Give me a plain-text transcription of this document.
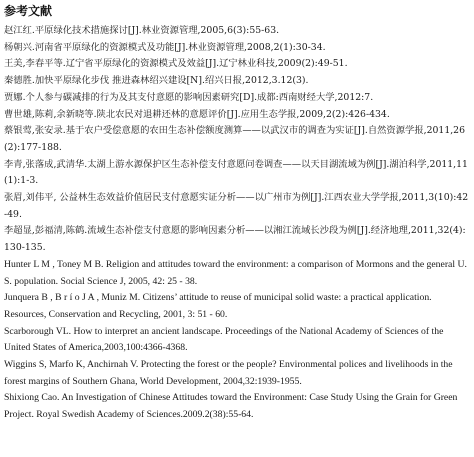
参考文献
赵江红.平原绿化技术措施探讨[J].林业资源管理,2005,6(3):55-63.
杨朝兴.河南省平原绿化的资源模式及功能[J].林业资源管理,2008,2(1):30-34.
王美,李春平等.辽宁省平原绿化的资源模式及效益[J].辽宁林业科技,2009(2):49-51.
秦德胜.加快平原绿化步伐 推进森林绍兴建设[N].绍兴日报,2012,3.12(3).
贾娜.个人参与碳减排的行为及其支付意愿的影响因素研究[D].成都:西南财经大学,2012:7.
曹世雄,陈莉,余新晓等.陕北农民对退耕还林的意愿评价[J].应用生态学报,2009,2(2):426-434.
蔡银莺,张安录.基于农户受偿意愿的农田生态补偿额度测算——以武汉市的调查为实证[J].自然资源学报,2011,26(2):177-188.
李青,张落成,武清华.太湖上游水源保护区生态补偿支付意愿问卷调查——以天目湖流域为例[J].湖泊科学,2011,11(1):1-3.
张眉,刘伟平, 公益林生态效益价值居民支付意愿实证分析——以广州市为例[J].江西农业大学学报,2011,3(10):42-49.
李超显,彭福清,陈鹤.流域生态补偿支付意愿的影响因素分析——以湘江流域长沙段为例[J].经济地理,2011,32(4):130-135.
Hunter L M , Toney M B. Religion and attitudes toward the environment: a comparison of Mormons and the general U. S. population. Social Science J, 2005, 42: 25 - 38.
Junquera B , B r í o J A , Muniz M. Citizens’ attitude to reuse of municipal solid waste: a practical application. Resources, Conservation and Recycling, 2001, 3: 51 - 60.
Scarborough VL. How to interpret an ancient landscape. Proceedings of the National Academy of Sciences of the United States of America,2003,100:4366-4368.
Wiggins S, Marfo K, Anchirnah V. Protecting the forest or the people? Environmental polices and livelihoods in the forest margins of Southern Ghana, World Development, 2004,32:1939-1955.
Shixiong Cao. An Investigation of Chinese Attitudes toward the Environment: Case Study Using the Grain for Green Project. Royal Swedish Academy of Sciences.2009.2(38):55-64.
